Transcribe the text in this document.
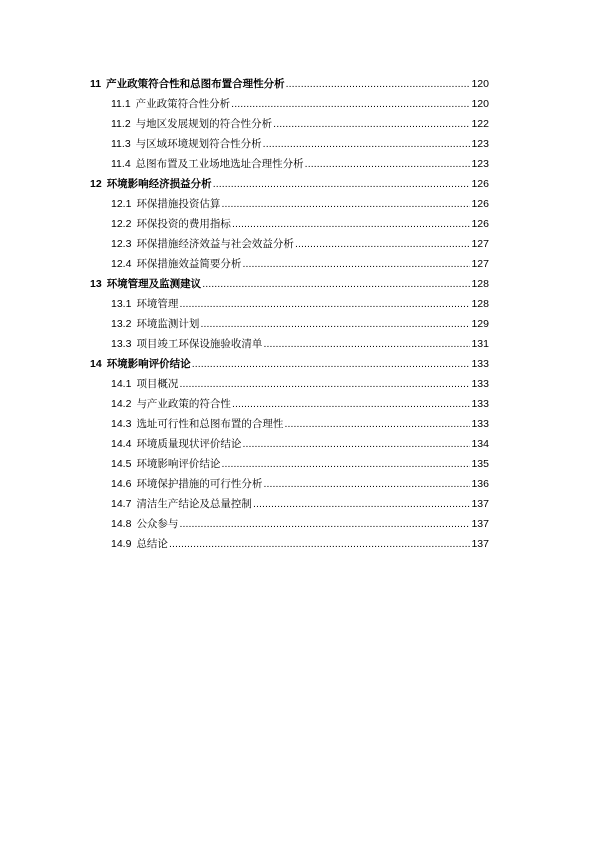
11 产业政策符合性和总图布置合理性分析 .....	120
11.1 产业政策符合性分析 .....	120
11.2 与地区发展规划的符合性分析 .....	122
11.3 与区域环境规划符合性分析 .....	123
11.4 总图布置及工业场地选址合理性分析 .....	123
12 环境影响经济损益分析 .....	126
12.1 环保措施投资估算 .....	126
12.2 环保投资的费用指标 .....	126
12.3 环保措施经济效益与社会效益分析 .....	127
12.4 环保措施效益简要分析 .....	127
13 环境管理及监测建议 .....	128
13.1 环境管理 .....	128
13.2 环境监测计划 .....	129
13.3 项目竣工环保设施验收清单 .....	131
14 环境影响评价结论 .....	133
14.1 项目概况 .....	133
14.2 与产业政策的符合性 .....	133
14.3 选址可行性和总图布置的合理性 .....	133
14.4 环境质量现状评价结论 .....	134
14.5 环境影响评价结论 .....	135
14.6 环境保护措施的可行性分析 .....	136
14.7 清洁生产结论及总量控制 .....	137
14.8 公众参与 .....	137
14.9 总结论 .....	137
